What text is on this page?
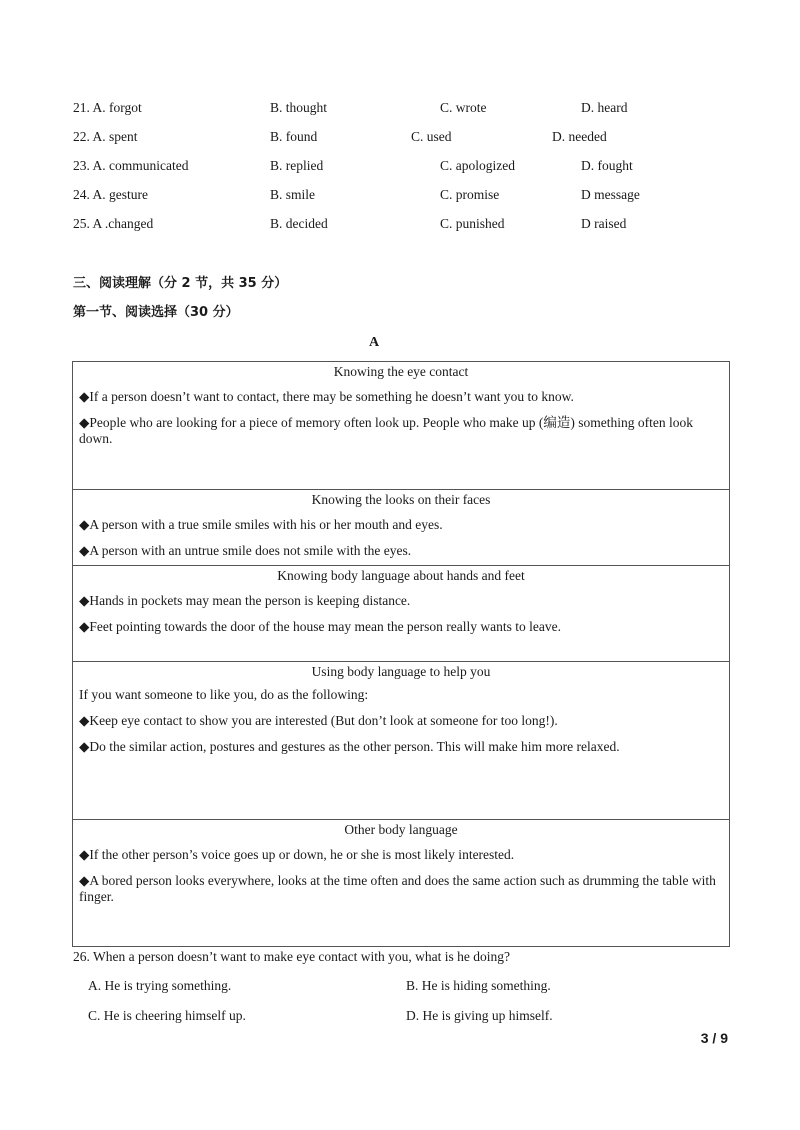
21. A. forgot	B. thought	C. wrote	D. heard
22. A. spent	B. found	C. used	D. needed
23. A. communicated	B. replied	C. apologized	D. fought
24. A. gesture	B. smile	C. promise	D message
25. A .changed	B. decided	C. punished	D raised
三、阅读理解（分 2 节，共 35 分）
第一节、阅读选择（30 分）
A
Knowing the eye contact
◆If a person doesn’t want to contact, there may be something he doesn’t want you to know.
◆People who are looking for a piece of memory often look up. People who make up (编造) something often look down.
Knowing the looks on their faces
◆A person with a true smile smiles with his or her mouth and eyes.
◆A person with an untrue smile does not smile with the eyes.
Knowing body language about hands and feet
◆Hands in pockets may mean the person is keeping distance.
◆Feet pointing towards the door of the house may mean the person really wants to leave.
Using body language to help you
If you want someone to like you, do as the following:
◆Keep eye contact to show you are interested (But don’t look at someone for too long!).
◆Do the similar action, postures and gestures as the other person. This will make him more relaxed.
Other body language
◆If the other person’s voice goes up or down, he or she is most likely interested.
◆A bored person looks everywhere, looks at the time often and does the same action such as drumming the table with finger.
26. When a person doesn’t want to make eye contact with you, what is he doing?
A. He is trying something.	B. He is hiding something.
C. He is cheering himself up.	D. He is giving up himself.
3 / 9
